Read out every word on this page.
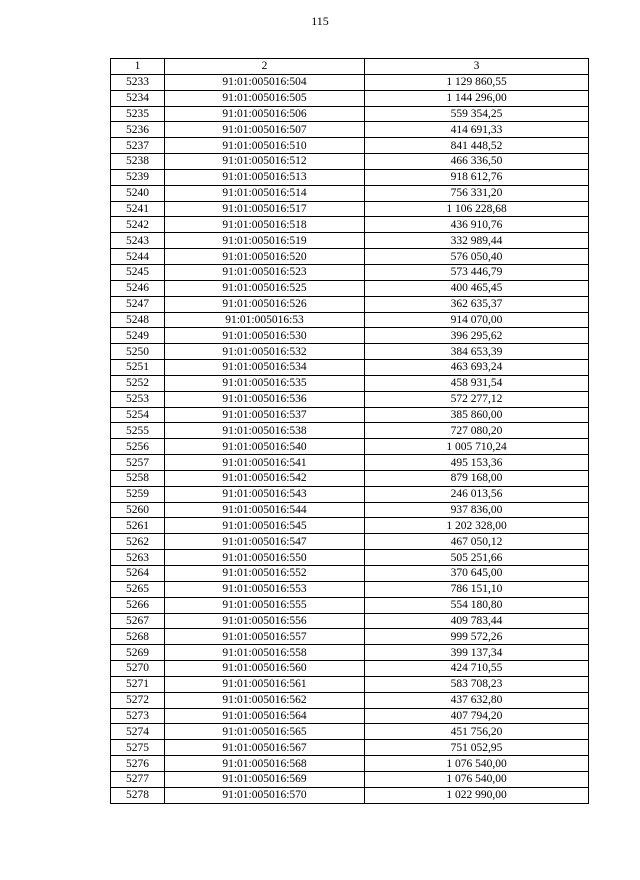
115
1	2	3
5233	91:01:005016:504	1 129 860,55
5234	91:01:005016:505	1 144 296,00
5235	91:01:005016:506	559 354,25
5236	91:01:005016:507	414 691,33
5237	91:01:005016:510	841 448,52
5238	91:01:005016:512	466 336,50
5239	91:01:005016:513	918 612,76
5240	91:01:005016:514	756 331,20
5241	91:01:005016:517	1 106 228,68
5242	91:01:005016:518	436 910,76
5243	91:01:005016:519	332 989,44
5244	91:01:005016:520	576 050,40
5245	91:01:005016:523	573 446,79
5246	91:01:005016:525	400 465,45
5247	91:01:005016:526	362 635,37
5248	91:01:005016:53	914 070,00
5249	91:01:005016:530	396 295,62
5250	91:01:005016:532	384 653,39
5251	91:01:005016:534	463 693,24
5252	91:01:005016:535	458 931,54
5253	91:01:005016:536	572 277,12
5254	91:01:005016:537	385 860,00
5255	91:01:005016:538	727 080,20
5256	91:01:005016:540	1 005 710,24
5257	91:01:005016:541	495 153,36
5258	91:01:005016:542	879 168,00
5259	91:01:005016:543	246 013,56
5260	91:01:005016:544	937 836,00
5261	91:01:005016:545	1 202 328,00
5262	91:01:005016:547	467 050,12
5263	91:01:005016:550	505 251,66
5264	91:01:005016:552	370 645,00
5265	91:01:005016:553	786 151,10
5266	91:01:005016:555	554 180,80
5267	91:01:005016:556	409 783,44
5268	91:01:005016:557	999 572,26
5269	91:01:005016:558	399 137,34
5270	91:01:005016:560	424 710,55
5271	91:01:005016:561	583 708,23
5272	91:01:005016:562	437 632,80
5273	91:01:005016:564	407 794,20
5274	91:01:005016:565	451 756,20
5275	91:01:005016:567	751 052,95
5276	91:01:005016:568	1 076 540,00
5277	91:01:005016:569	1 076 540,00
5278	91:01:005016:570	1 022 990,00
